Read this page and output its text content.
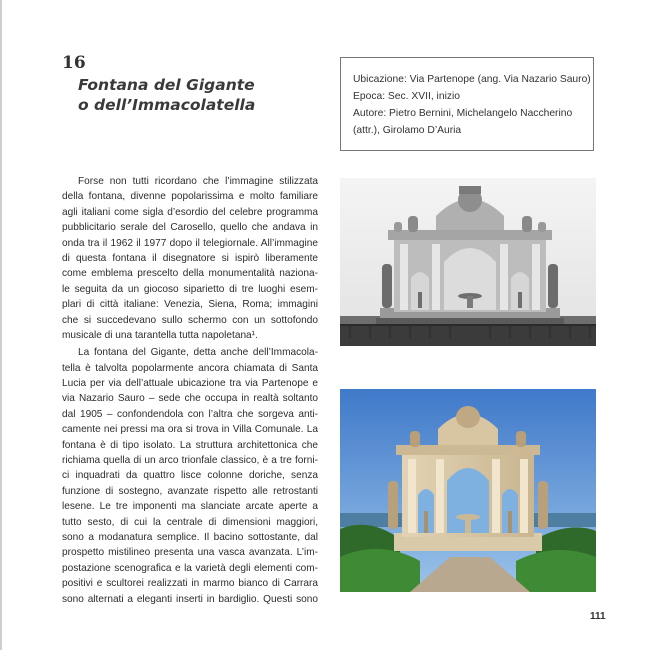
16
Fontana del Gigante
o dell’Immacolatella
Ubicazione: Via Partenope (ang. Via Nazario Sauro)
Epoca: Sec. XVII, inizio
Autore: Pietro Bernini, Michelangelo Naccherino
(attr.), Girolamo D’Auria
Forse non tutti ricordano che l’immagine stilizzata
della fontana, divenne popolarissima e molto familiare
agli italiani come sigla d’esordio del celebre programma
pubblicitario serale del Carosello, quello che andava in
onda tra il 1962 il 1977 dopo il telegiornale. All’immagine
di questa fontana il disegnatore si ispirò liberamente
come emblema prescelto della monumentalità naziona-
le seguita da un giocoso siparietto di tre luoghi esem-
plari di città italiane: Venezia, Siena, Roma; immagini
che si succedevano sullo schermo con un sottofondo
musicale di una tarantella tutta napoletana¹.
La fontana del Gigante, detta anche dell’Immacola-
tella è talvolta popolarmente ancora chiamata di Santa
Lucia per via dell’attuale ubicazione tra via Partenope e
via Nazario Sauro – sede che occupa in realtà soltanto
dal 1905 – confondendola con l’altra che sorgeva anti-
camente nei pressi ma ora si trova in Villa Comunale. La
fontana è di tipo isolato. La struttura architettonica che
richiama quella di un arco trionfale classico, è a tre forni-
ci inquadrati da quattro lisce colonne doriche, senza
funzione di sostegno, avanzate rispetto alle retrostanti
lesene. Le tre imponenti ma slanciate arcate aperte a
tutto sesto, di cui la centrale di dimensioni maggiori,
sono a modanatura semplice. Il bacino sottostante, dal
prospetto mistilineo presenta una vasca avanzata. L’im-
postazione scenografica e la varietà degli elementi com-
positivi e scultorei realizzati in marmo bianco di Carrara
sono alternati a eleganti inserti in bardiglio. Questi sono
111
